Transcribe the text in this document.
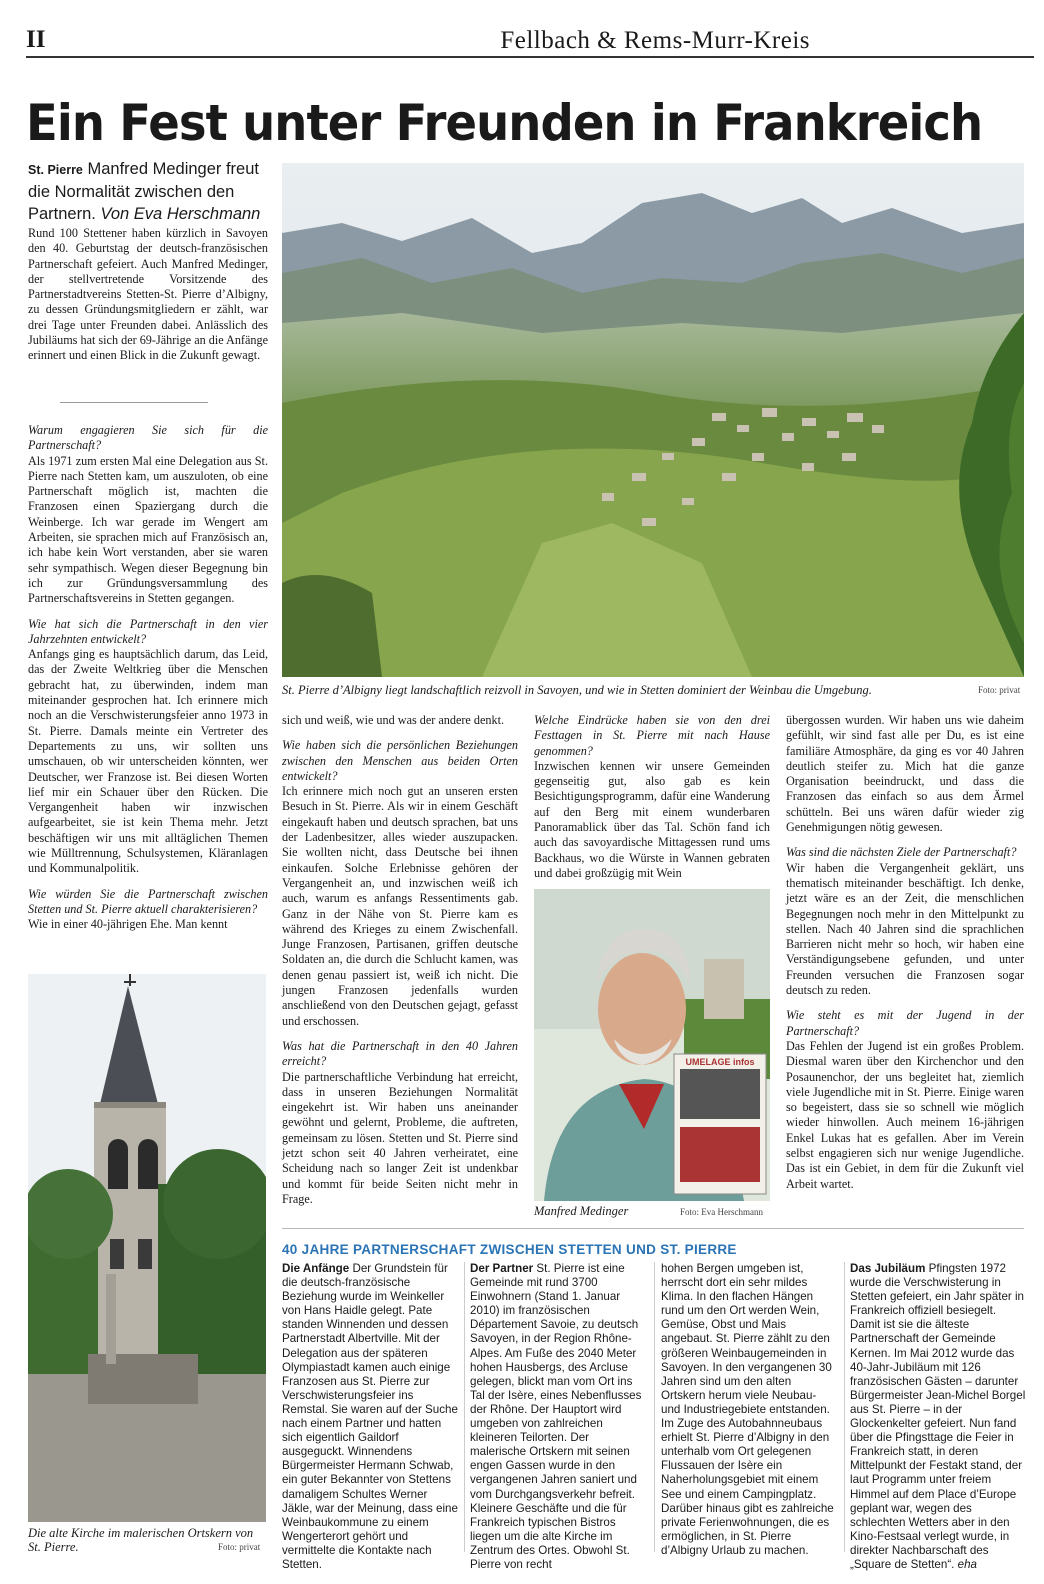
II	Fellbach & Rems-Murr-Kreis
Ein Fest unter Freunden in Frankreich
St. Pierre Manfred Medinger freut die Normalität zwischen den Partnern. Von Eva Herschmann

Rund 100 Stettener haben kürzlich in Savoyen den 40. Geburtstag der deutsch-französischen Partnerschaft gefeiert. Auch Manfred Medinger, der stellvertretende Vorsitzende des Partnerstadtvereins Stetten-St. Pierre d’Albigny, zu dessen Gründungsmitgliedern er zählt, war drei Tage unter Freunden dabei. Anlässlich des Jubiläums hat sich der 69-Jährige an die Anfänge erinnert und einen Blick in die Zukunft gewagt.

Warum engagieren Sie sich für die Partnerschaft?

Als 1971 zum ersten Mal eine Delegation aus St. Pierre nach Stetten kam, um auszuloten, ob eine Partnerschaft möglich ist, machten die Franzosen einen Spaziergang durch die Weinberge. Ich war gerade im Wengert am Arbeiten, sie sprachen mich auf Französisch an, ich habe kein Wort verstanden, aber sie waren sehr sympathisch. Wegen dieser Begegnung bin ich zur Gründungsversammlung des Partnerschaftsvereins in Stetten gegangen.

Wie hat sich die Partnerschaft in den vier Jahrzehnten entwickelt?

Anfangs ging es hauptsächlich darum, das Leid, das der Zweite Weltkrieg über die Menschen gebracht hat, zu überwinden, indem man miteinander gesprochen hat. Ich erinnere mich noch an die Verschwisterungsfeier anno 1973 in St. Pierre. Damals meinte ein Vertreter des Departements zu uns, wir sollten uns umschauen, ob wir unterscheiden könnten, wer Deutscher, wer Franzose ist. Bei diesen Worten lief mir ein Schauer über den Rücken. Die Vergangenheit haben wir inzwischen aufgearbeitet, sie ist kein Thema mehr. Jetzt beschäftigen wir uns mit alltäglichen Themen wie Mülltrennung, Schulsystemen, Kläranlagen und Kommunalpolitik.

Wie würden Sie die Partnerschaft zwischen Stetten und St. Pierre aktuell charakterisieren?

Wie in einer 40-jährigen Ehe. Man kennt

sich und weiß, wie und was der andere denkt.

Wie haben sich die persönlichen Beziehungen zwischen den Menschen aus beiden Orten entwickelt?

Ich erinnere mich noch gut an unseren ersten Besuch in St. Pierre. Als wir in einem Geschäft eingekauft haben und deutsch sprachen, bat uns der Ladenbesitzer, alles wieder auszupacken. Sie wollten nicht, dass Deutsche bei ihnen einkaufen. Solche Erlebnisse gehören der Vergangenheit an, und inzwischen weiß ich auch, warum es anfangs Ressentiments gab. Ganz in der Nähe von St. Pierre kam es während des Krieges zu einem Zwischenfall. Junge Franzosen, Partisanen, griffen deutsche Soldaten an, die durch die Schlucht kamen, was denen genau passiert ist, weiß ich nicht. Die jungen Franzosen jedenfalls wurden anschließend von den Deutschen gejagt, gefasst und erschossen.

Was hat die Partnerschaft in den 40 Jahren erreicht?

Die partnerschaftliche Verbindung hat erreicht, dass in unseren Beziehungen Normalität eingekehrt ist. Wir haben uns aneinander gewöhnt und gelernt, Probleme, die auftreten, gemeinsam zu lösen. Stetten und St. Pierre sind jetzt schon seit 40 Jahren verheiratet, eine Scheidung nach so langer Zeit ist undenkbar und kommt für beide Seiten nicht mehr in Frage.

Welche Eindrücke haben sie von den drei Festtagen in St. Pierre mit nach Hause genommen?

Inzwischen kennen wir unsere Gemeinden gegenseitig gut, also gab es kein Besichtigungsprogramm, dafür eine Wanderung auf den Berg mit einem wunderbaren Panoramablick über das Tal. Schön fand ich auch das savoyardische Mittagessen rund ums Backhaus, wo die Würste in Wannen gebraten und dabei großzügig mit Wein

übergossen wurden. Wir haben uns wie daheim gefühlt, wir sind fast alle per Du, es ist eine familiäre Atmosphäre, da ging es vor 40 Jahren deutlich steifer zu. Mich hat die ganze Organisation beeindruckt, und dass die Franzosen das einfach so aus dem Ärmel schütteln. Bei uns wären dafür wieder zig Genehmigungen nötig gewesen.

Was sind die nächsten Ziele der Partnerschaft?

Wir haben die Vergangenheit geklärt, uns thematisch miteinander beschäftigt. Ich denke, jetzt wäre es an der Zeit, die menschlichen Begegnungen noch mehr in den Mittelpunkt zu stellen. Nach 40 Jahren sind die sprachlichen Barrieren nicht mehr so hoch, wir haben eine Verständigungsebene gefunden, und unter Freunden versuchen die Franzosen sogar deutsch zu reden.

Wie steht es mit der Jugend in der Partnerschaft?

Das Fehlen der Jugend ist ein großes Problem. Diesmal waren über den Kirchenchor und den Posaunenchor, der uns begleitet hat, ziemlich viele Jugendliche mit in St. Pierre. Einige waren so begeistert, dass sie so schnell wie möglich wieder hinwollen. Auch meinem 16-jährigen Enkel Lukas hat es gefallen. Aber im Verein selbst engagieren sich nur wenige Jugendliche. Das ist ein Gebiet, in dem für die Zukunft viel Arbeit wartet.

St. Pierre d’Albigny liegt landschaftlich reizvoll in Savoyen, und wie in Stetten dominiert der Weinbau die Umgebung.	Foto: privat
Die alte Kirche im malerischen Ortskern von St. Pierre.	Foto: privat
UMELAGE infos
Manfred Medinger	Foto: Eva Herschmann
40 JAHRE PARTNERSCHAFT ZWISCHEN STETTEN UND ST. PIERRE

Die Anfänge Der Grundstein für die deutsch-französische Beziehung wurde im Weinkeller von Hans Haidle gelegt. Pate standen Winnenden und dessen Partnerstadt Albertville. Mit der Delegation aus der späteren Olympiastadt kamen auch einige Franzosen aus St. Pierre zur Verschwisterungsfeier ins Remstal. Sie waren auf der Suche nach einem Partner und hatten sich eigentlich Gaildorf ausgeguckt. Winnendens Bürgermeister Hermann Schwab, ein guter Bekannter von Stettens damaligem Schultes Werner Jäkle, war der Meinung, dass eine Weinbaukommune zu einem Wengerterort gehört und vermittelte die Kontakte nach Stetten.

Der Partner St. Pierre ist eine Gemeinde mit rund 3700 Einwohnern (Stand 1. Januar 2010) im französischen Département Savoie, zu deutsch Savoyen, in der Region Rhône-Alpes. Am Fuße des 2040 Meter hohen Hausbergs, des Arcluse gelegen, blickt man vom Ort ins Tal der Isère, eines Nebenflusses der Rhône. Der Hauptort wird umgeben von zahlreichen kleineren Teilorten. Der malerische Ortskern mit seinen engen Gassen wurde in den vergangenen Jahren saniert und vom Durchgangsverkehr befreit. Kleinere Geschäfte und die für Frankreich typischen Bistros liegen um die alte Kirche im Zentrum des Ortes. Obwohl St. Pierre von recht

hohen Bergen umgeben ist, herrscht dort ein sehr mildes Klima. In den flachen Hängen rund um den Ort werden Wein, Gemüse, Obst und Mais angebaut. St. Pierre zählt zu den größeren Weinbaugemeinden in Savoyen. In den vergangenen 30 Jahren sind um den alten Ortskern herum viele Neubau- und Industriegebiete entstanden. Im Zuge des Autobahnneubaus erhielt St. Pierre d’Albigny in den unterhalb vom Ort gelegenen Flussauen der Isère ein Naherholungsgebiet mit einem See und einem Campingplatz. Darüber hinaus gibt es zahlreiche private Ferienwohnungen, die es ermöglichen, in St. Pierre d’Albigny Urlaub zu machen.

Das Jubiläum Pfingsten 1972 wurde die Verschwisterung in Stetten gefeiert, ein Jahr später in Frankreich offiziell besiegelt. Damit ist sie die älteste Partnerschaft der Gemeinde Kernen. Im Mai 2012 wurde das 40-Jahr-Jubiläum mit 126 französischen Gästen – darunter Bürgermeister Jean-Michel Borgel aus St. Pierre – in der Glockenkelter gefeiert. Nun fand über die Pfingsttage die Feier in Frankreich statt, in deren Mittelpunkt der Festakt stand, der laut Programm unter freiem Himmel auf dem Place d’Europe geplant war, wegen des schlechten Wetters aber in den Kino-Festsaal verlegt wurde, in direkter Nachbarschaft des „Square de Stetten“. eha
